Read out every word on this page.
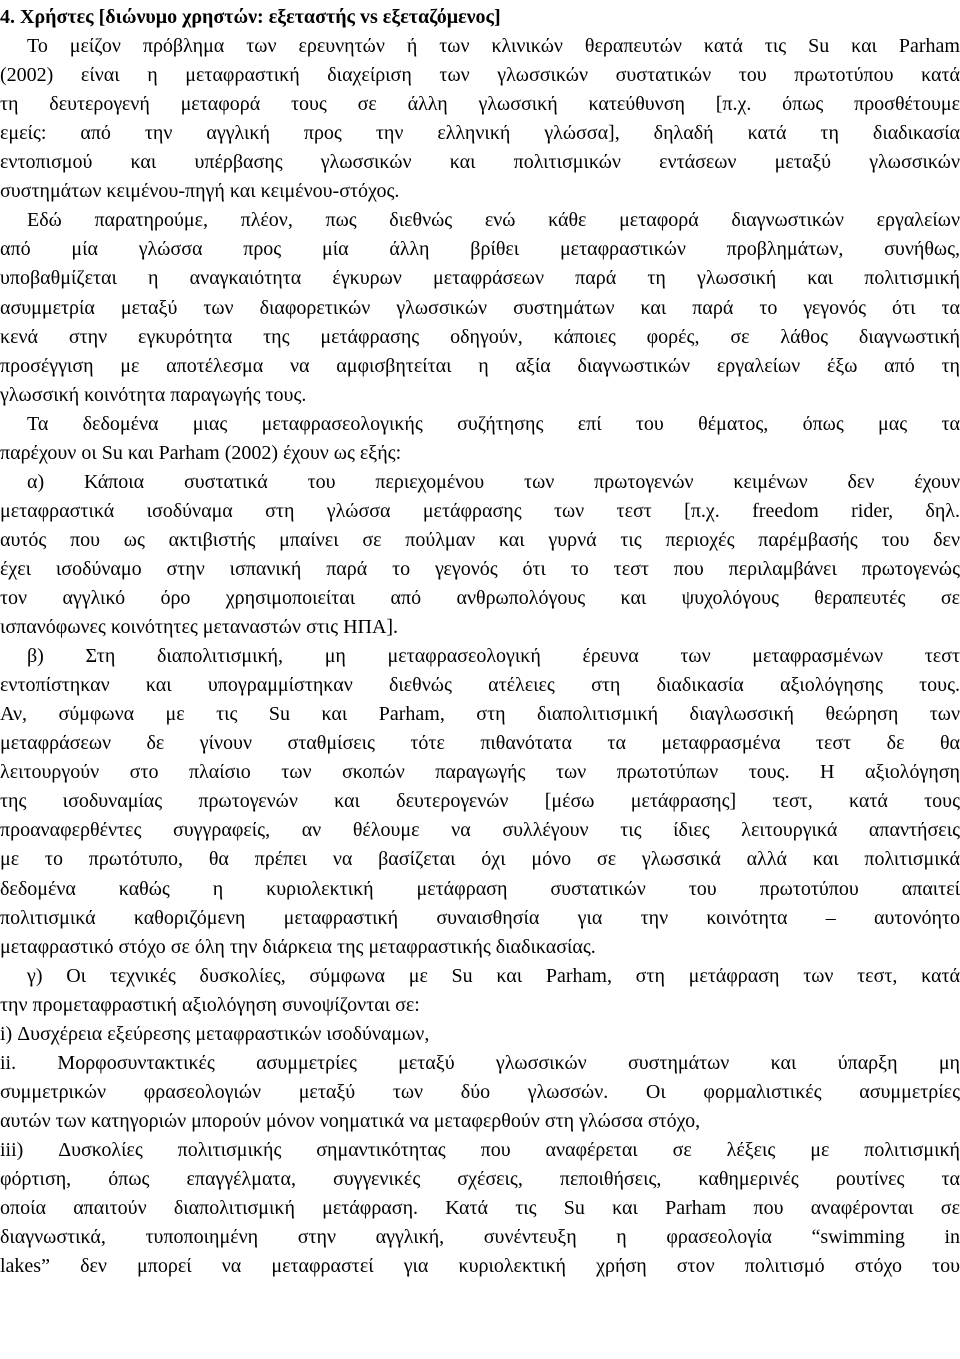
4. Χρήστες [διώνυμο χρηστών: εξεταστής vs εξεταζόμενος]
Το μείζον πρόβλημα των ερευνητών ή των κλινικών θεραπευτών κατά τις Su και Parham
(2002) είναι η μεταφραστική διαχείριση των γλωσσικών συστατικών του πρωτοτύπου κατά
τη δευτερογενή μεταφορά τους σε άλλη γλωσσική κατεύθυνση [π.χ. όπως προσθέτουμε
εμείς: από την αγγλική προς την ελληνική γλώσσα], δηλαδή κατά τη διαδικασία
εντοπισμού και υπέρβασης γλωσσικών και πολιτισμικών εντάσεων μεταξύ γλωσσικών
συστημάτων κειμένου-πηγή και κειμένου-στόχος.
Εδώ παρατηρούμε, πλέον, πως διεθνώς ενώ κάθε μεταφορά διαγνωστικών εργαλείων
από μία γλώσσα προς μία άλλη βρίθει μεταφραστικών προβλημάτων, συνήθως,
υποβαθμίζεται η αναγκαιότητα έγκυρων μεταφράσεων παρά τη γλωσσική και πολιτισμική
ασυμμετρία μεταξύ των διαφορετικών γλωσσικών συστημάτων και παρά το γεγονός ότι τα
κενά στην εγκυρότητα της μετάφρασης οδηγούν, κάποιες φορές, σε λάθος διαγνωστική
προσέγγιση με αποτέλεσμα να αμφισβητείται η αξία διαγνωστικών εργαλείων έξω από τη
γλωσσική κοινότητα παραγωγής τους.
Τα δεδομένα μιας μεταφρασεολογικής συζήτησης επί του θέματος, όπως μας τα
παρέχουν οι Su και Parham (2002) έχουν ως εξής:
α) Κάποια συστατικά του περιεχομένου των πρωτογενών κειμένων δεν έχουν
μεταφραστικά ισοδύναμα στη γλώσσα μετάφρασης των τεστ [π.χ. freedom rider, δηλ.
αυτός που ως ακτιβιστής μπαίνει σε πούλμαν και γυρνά τις περιοχές παρέμβασής του δεν
έχει ισοδύναμο στην ισπανική παρά το γεγονός ότι το τεστ που περιλαμβάνει πρωτογενώς
τον αγγλικό όρο χρησιμοποιείται από ανθρωπολόγους και ψυχολόγους θεραπευτές σε
ισπανόφωνες κοινότητες μεταναστών στις ΗΠΑ].
β) Στη διαπολιτισμική, μη μεταφρασεολογική έρευνα των μεταφρασμένων τεστ
εντοπίστηκαν και υπογραμμίστηκαν διεθνώς ατέλειες στη διαδικασία αξιολόγησης τους.
Αν, σύμφωνα με τις Su και Parham, στη διαπολιτισμική διαγλωσσική θεώρηση των
μεταφράσεων δε γίνουν σταθμίσεις τότε πιθανότατα τα μεταφρασμένα τεστ δε θα
λειτουργούν στο πλαίσιο των σκοπών παραγωγής των πρωτοτύπων τους. Η αξιολόγηση
της ισοδυναμίας πρωτογενών και δευτερογενών [μέσω μετάφρασης] τεστ, κατά τους
προαναφερθέντες συγγραφείς, αν θέλουμε να συλλέγουν τις ίδιες λειτουργικά απαντήσεις
με το πρωτότυπο, θα πρέπει να βασίζεται όχι μόνο σε γλωσσικά αλλά και πολιτισμικά
δεδομένα καθώς η κυριολεκτική μετάφραση συστατικών του πρωτοτύπου απαιτεί
πολιτισμικά καθοριζόμενη μεταφραστική συναισθησία για την κοινότητα – αυτονόητο
μεταφραστικό στόχο σε όλη την διάρκεια της μεταφραστικής διαδικασίας.
γ) Οι τεχνικές δυσκολίες, σύμφωνα με Su και Parham, στη μετάφραση των τεστ, κατά
την προμεταφραστική αξιολόγηση συνοψίζονται σε:
i) Δυσχέρεια εξεύρεσης μεταφραστικών ισοδύναμων,
ii. Μορφοσυντακτικές ασυμμετρίες μεταξύ γλωσσικών συστημάτων και ύπαρξη μη
συμμετρικών φρασεολογιών μεταξύ των δύο γλωσσών. Οι φορμαλιστικές ασυμμετρίες
αυτών των κατηγοριών μπορούν μόνον νοηματικά να μεταφερθούν στη γλώσσα στόχο,
iii) Δυσκολίες πολιτισμικής σημαντικότητας που αναφέρεται σε λέξεις με πολιτισμική
φόρτιση, όπως επαγγέλματα, συγγενικές σχέσεις, πεποιθήσεις, καθημερινές ρουτίνες τα
οποία απαιτούν διαπολιτισμική μετάφραση. Κατά τις Su και Parham που αναφέρονται σε
διαγνωστικά, τυποποιημένη στην αγγλική, συνέντευξη η φρασεολογία “swimming in
lakes” δεν μπορεί να μεταφραστεί για κυριολεκτική χρήση στον πολιτισμό στόχο του
